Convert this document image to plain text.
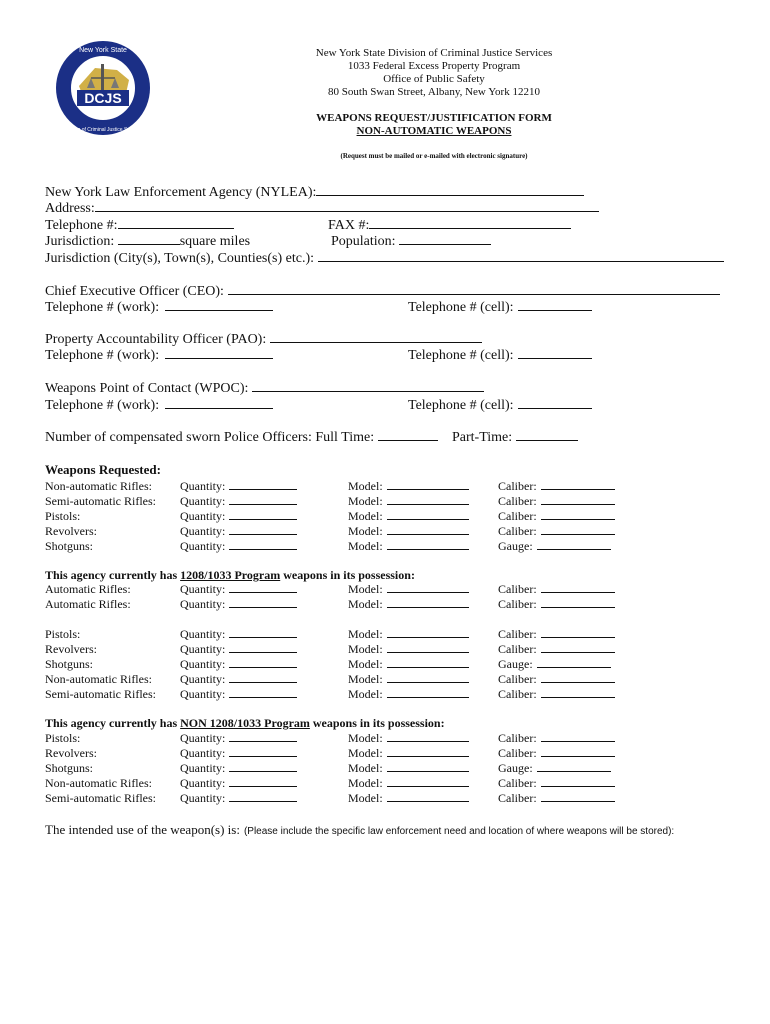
DCJS
New York State
Division of Criminal Justice Services
New York State Division of Criminal Justice Services
1033 Federal Excess Property Program
Office of Public Safety
80 South Swan Street, Albany, New York 12210
WEAPONS REQUEST/JUSTIFICATION FORM
NON-AUTOMATIC WEAPONS
(Request must be mailed or e-mailed with electronic signature)
New York Law Enforcement Agency (NYLEA):
Address:
Telephone #:	FAX #:
Jurisdiction:	square miles	Population:
Jurisdiction (City(s), Town(s), Counties(s) etc.):
Chief Executive Officer (CEO):
Telephone # (work):	Telephone # (cell):
Property Accountability Officer (PAO):
Telephone # (work):	Telephone # (cell):
Weapons Point of Contact (WPOC):
Telephone # (work):	Telephone # (cell):
Number of compensated sworn Police Officers: Full Time:	Part-Time:
Weapons Requested:
Non-automatic Rifles: Quantity:	Model:	Caliber:
Semi-automatic Rifles: Quantity:	Model:	Caliber:
Pistols:	Quantity:	Model:	Caliber:
Revolvers:	Quantity:	Model:	Caliber:
Shotguns:	Quantity:	Model:	Gauge:
This agency currently has 1208/1033 Program weapons in its possession:
Automatic Rifles:	Quantity:	Model:	Caliber:
Automatic Rifles:	Quantity:	Model:	Caliber:
Pistols:	Quantity:	Model:	Caliber:
Revolvers:	Quantity:	Model:	Caliber:
Shotguns:	Quantity:	Model:	Gauge:
Non-automatic Rifles: Quantity:	Model:	Caliber:
Semi-automatic Rifles: Quantity:	Model:	Caliber:
This agency currently has NON 1208/1033 Program weapons in its possession:
Pistols:	Quantity:	Model:	Caliber:
Revolvers:	Quantity:	Model:	Caliber:
Shotguns:	Quantity:	Model:	Gauge:
Non-automatic Rifles: Quantity:	Model:	Caliber:
Semi-automatic Rifles: Quantity:	Model:	Caliber:
The intended use of the weapon(s) is: (Please include the specific law enforcement need and location of where weapons will be stored):
